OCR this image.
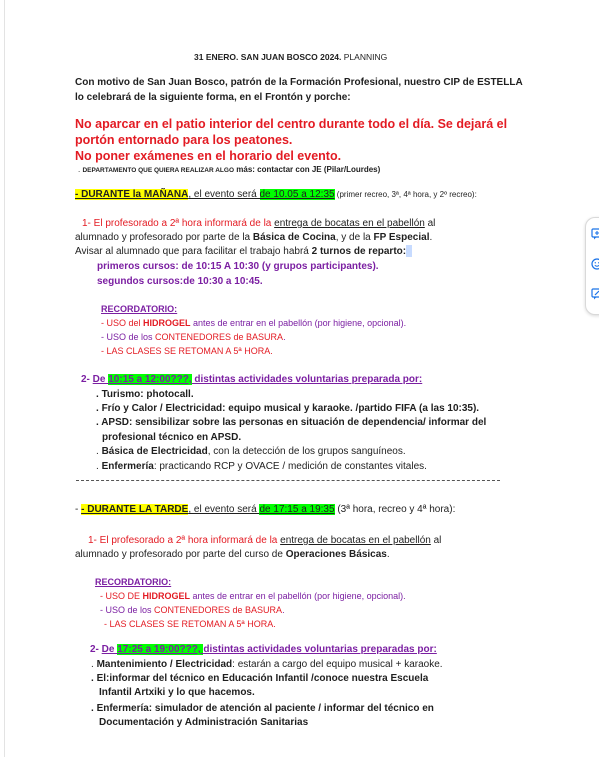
31 ENERO. SAN JUAN BOSCO 2024. PLANNING
Con motivo de San Juan Bosco, patrón de la Formación Profesional, nuestro CIP de ESTELLA
lo celebrará de la siguiente forma, en el Frontón y porche:
No aparcar en el patio interior del centro durante todo el día. Se dejará el
portón entornado para los peatones.
No poner exámenes en el horario del evento.
. DEPARTAMENTO QUE QUIERA REALIZAR ALGO más: contactar con JE (Pilar/Lourdes)
- DURANTE la MAÑANA, el evento será de 10.05 a 12:35 (primer recreo, 3ª, 4ª hora, y 2º recreo):
1- El profesorado a 2ª hora informará de la entrega de bocatas en el pabellón al
alumnado y profesorado por parte de la Básica de Cocina, y de la FP Especial.
Avisar al alumnado que para facilitar el trabajo habrá 2 turnos de reparto:
primeros cursos: de 10:15 A 10:30 (y grupos participantes).
segundos cursos:de 10:30 a 10:45.
RECORDATORIO:
- USO del HIDROGEL antes de entrar en el pabellón (por higiene, opcional).
- USO de los CONTENEDORES de BASURA.
- LAS CLASES SE RETOMAN A 5ª HORA.
2- De 10:15 a 12:00???, distintas actividades voluntarias preparada por:
. Turismo: photocall.
. Frío y Calor / Electricidad: equipo musical y karaoke. /partido FIFA (a las 10:35).
. APSD: sensibilizar sobre las personas en situación de dependencia/ informar del
profesional técnico en APSD.
. Básica de Electricidad, con la detección de los grupos sanguíneos.
. Enfermería: practicando RCP y OVACE / medición de constantes vitales.
- - DURANTE LA TARDE, el evento será de 17:15 a 19:35 (3ª hora, recreo y 4ª hora):
1- El profesorado a 2ª hora informará de la entrega de bocatas en el pabellón al
alumnado y profesorado por parte del curso de Operaciones Básicas.
RECORDATORIO:
- USO DE HIDROGEL antes de entrar en el pabellón (por higiene, opcional).
- USO de los CONTENEDORES de BASURA.
- LAS CLASES SE RETOMAN A 5ª HORA.
2- De 17:25 a 19:00???, distintas actividades voluntarias preparadas por:
. Mantenimiento / Electricidad: estarán a cargo del equipo musical + karaoke.
. El:informar del técnico en Educación Infantil /conoce nuestra Escuela
Infantil Artxiki y lo que hacemos.
. Enfermería: simulador de atención al paciente / informar del técnico en
Documentación y Administración Sanitarias
